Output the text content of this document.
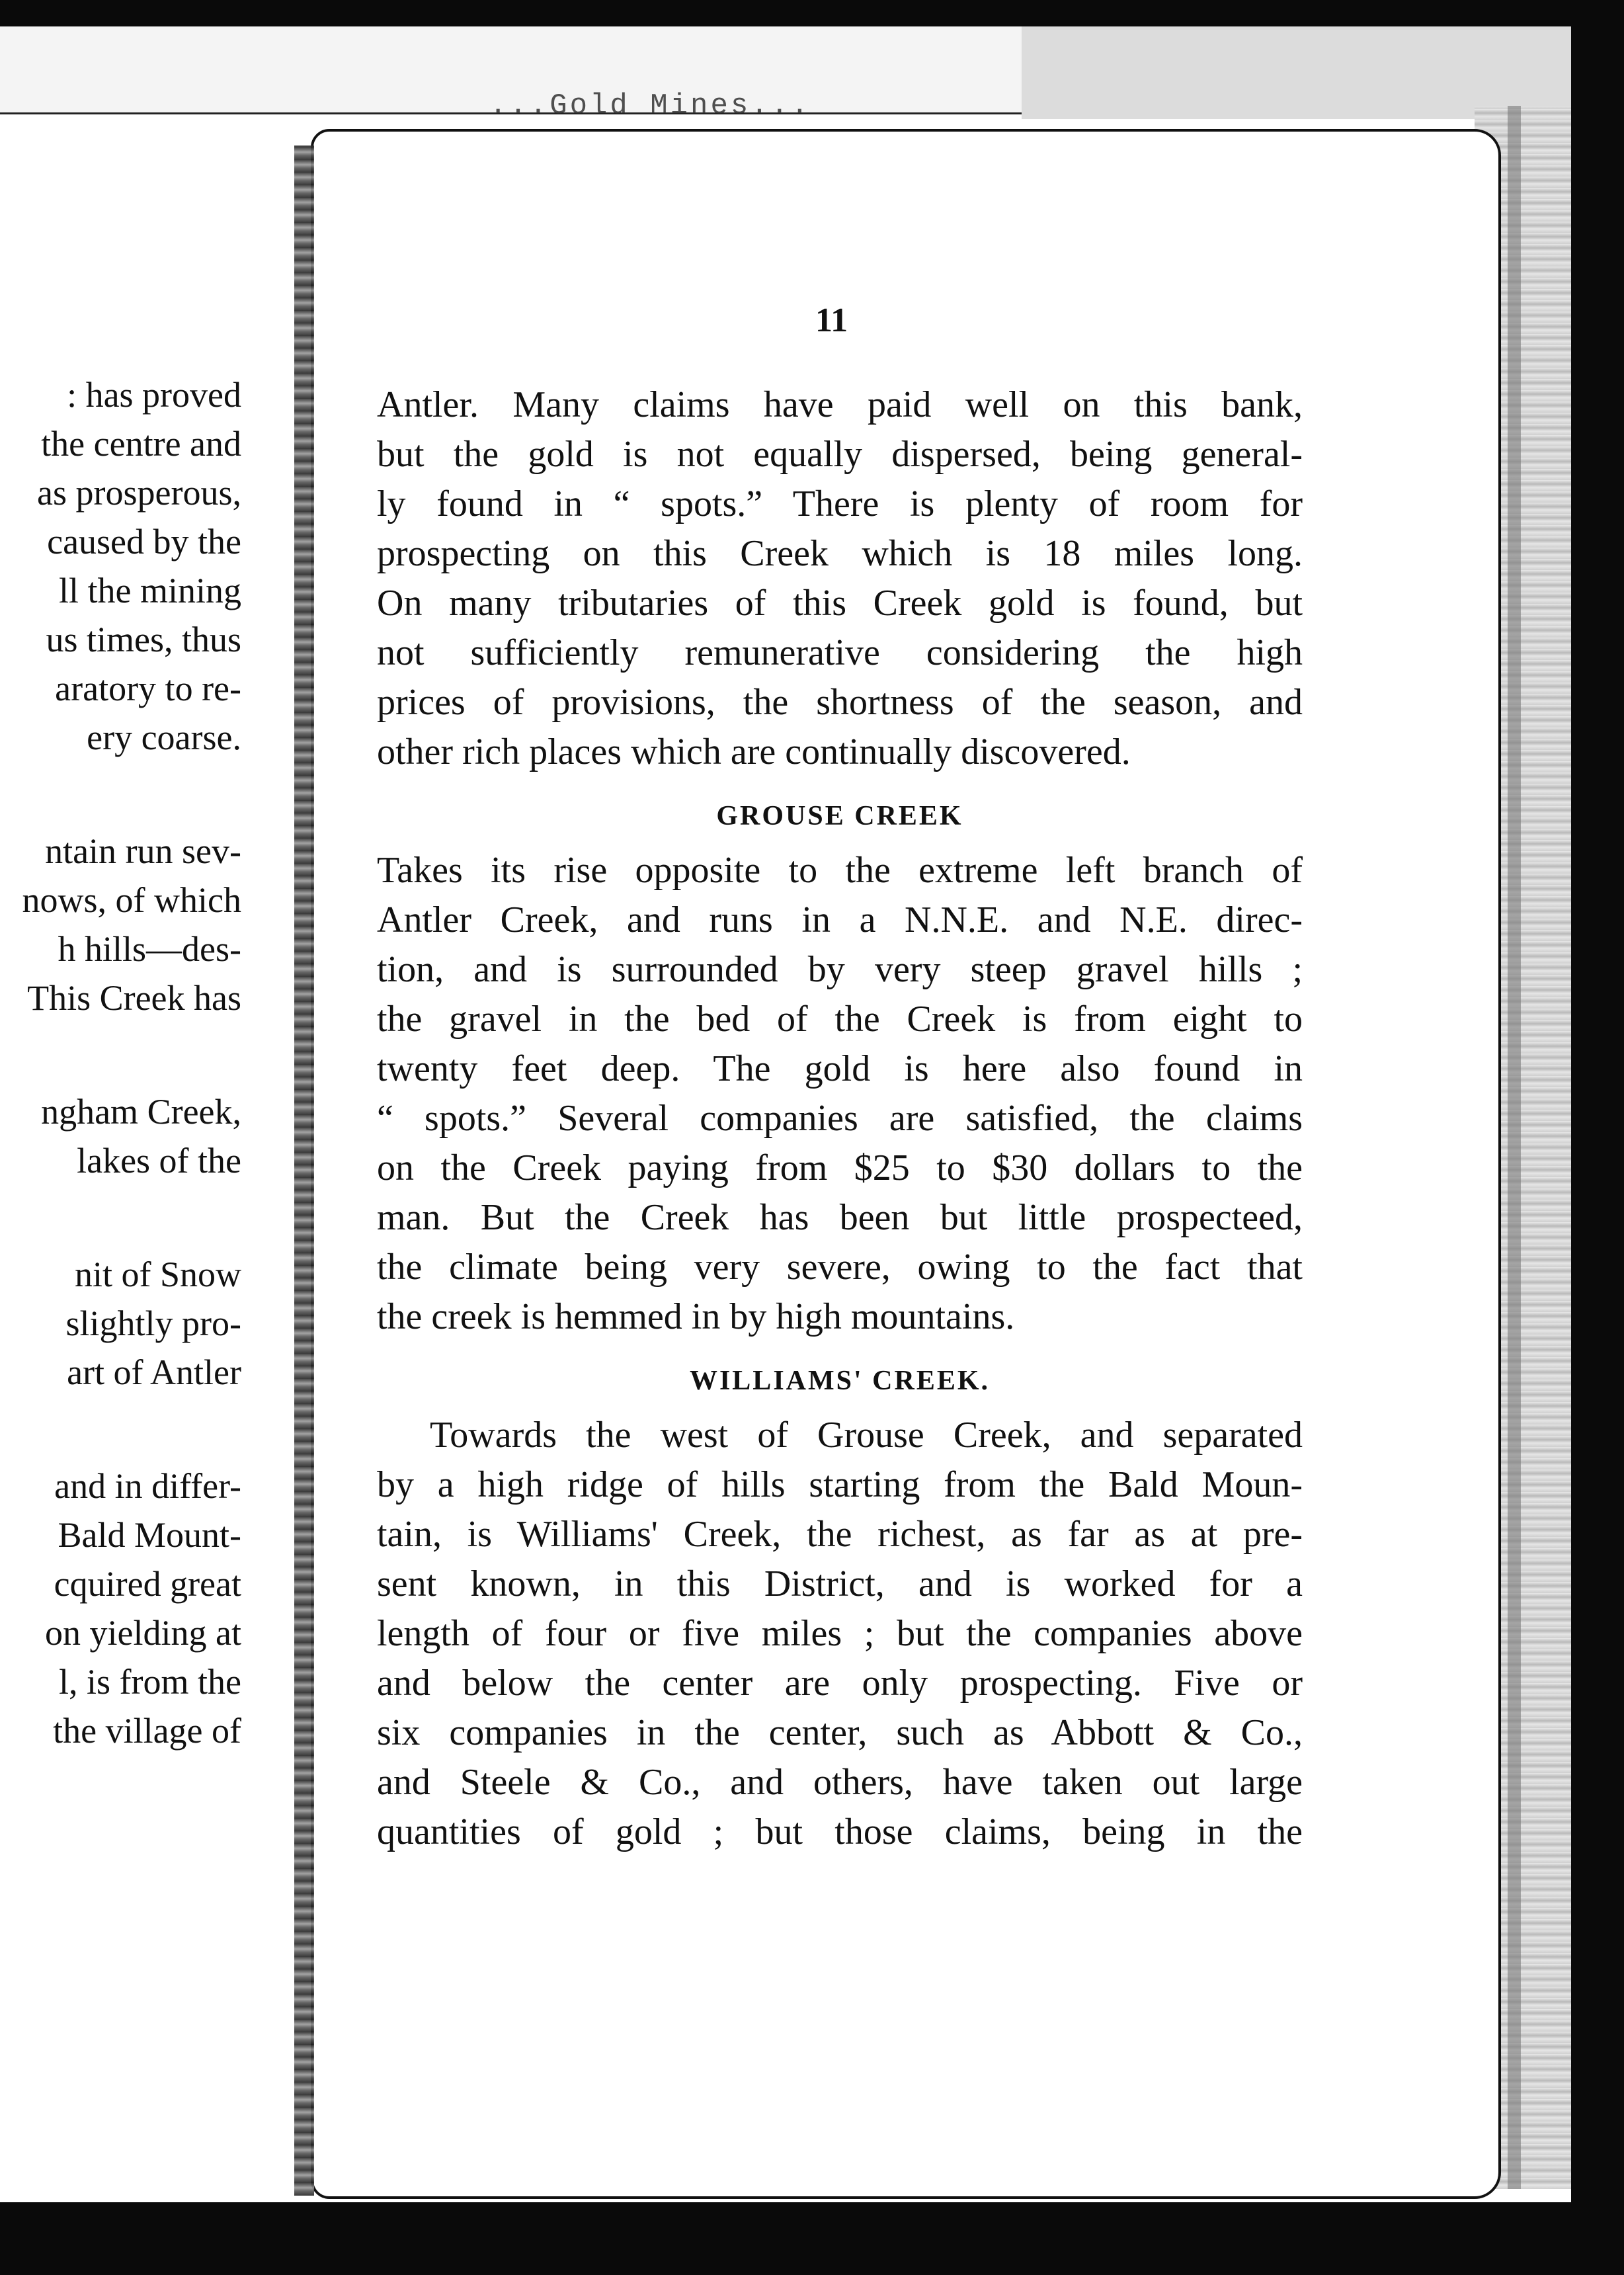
...Gold Mines...
: has proved
the centre and
as prosperous,
caused by the
ll the mining
us times, thus
aratory to re-
ery coarse.
ntain run sev-
nows, of which
h hills—des-
This Creek has
ngham Creek,
lakes of the
nit of Snow
slightly pro-
art of Antler
and in differ-
Bald Mount-
cquired great
on yielding at
l, is from the
the village of
11
Antler. Many claims have paid well on this bank,
but the gold is not equally dispersed, being general-
ly found in “ spots.” There is plenty of room for
prospecting on this Creek which is 18 miles long.
On many tributaries of this Creek gold is found, but
not sufficiently remunerative considering the high
prices of provisions, the shortness of the season, and
other rich places which are continually discovered.
GROUSE CREEK
Takes its rise opposite to the extreme left branch of
Antler Creek, and runs in a N.N.E. and N.E. direc-
tion, and is surrounded by very steep gravel hills ;
the gravel in the bed of the Creek is from eight to
twenty feet deep. The gold is here also found in
“ spots.” Several companies are satisfied, the claims
on the Creek paying from $25 to $30 dollars to the
man. But the Creek has been but little prospecteed,
the climate being very severe, owing to the fact that
the creek is hemmed in by high mountains.
WILLIAMS' CREEK.
Towards the west of Grouse Creek, and separated
by a high ridge of hills starting from the Bald Moun-
tain, is Williams' Creek, the richest, as far as at pre-
sent known, in this District, and is worked for a
length of four or five miles ; but the companies above
and below the center are only prospecting. Five or
six companies in the center, such as Abbott & Co.,
and Steele & Co., and others, have taken out large
quantities of gold ; but those claims, being in the
